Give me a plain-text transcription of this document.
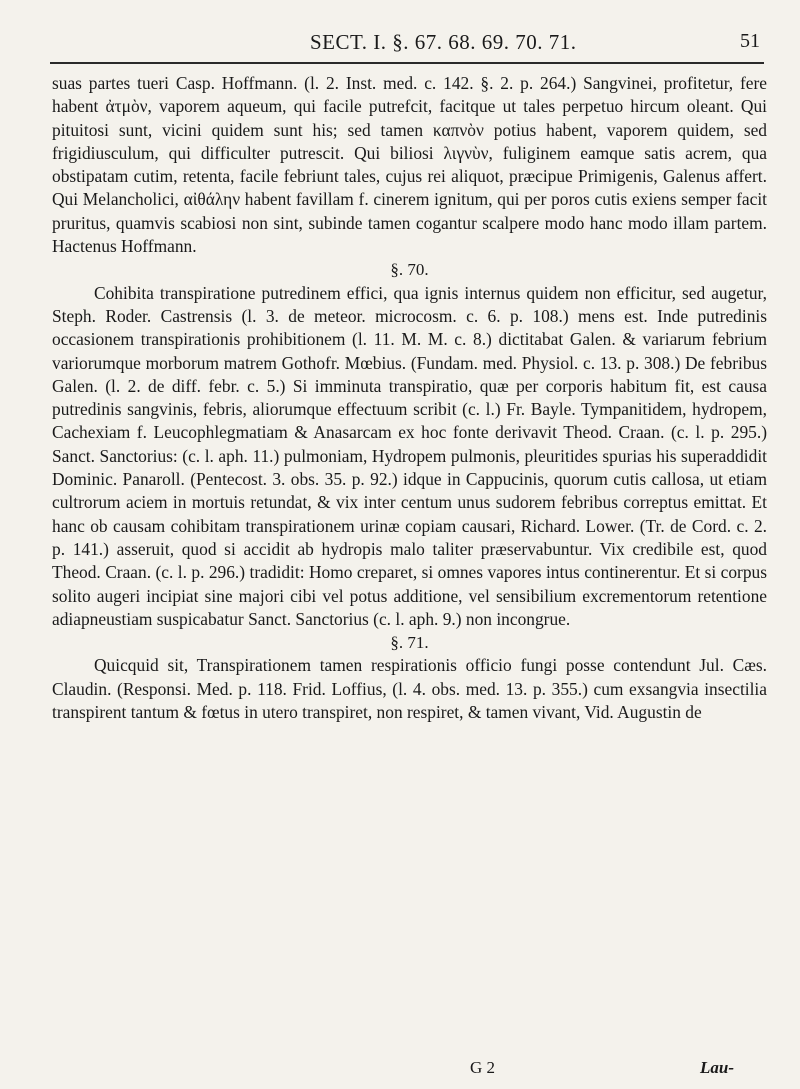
SECT. I. §. 67. 68. 69. 70. 71.	51

suas partes tueri Casp. Hoffmann. (l. 2. Inst. med. c. 142. §. 2. p. 264.) Sangvinei, profitetur, fere habent ἀτμὸν, vaporem aqueum, qui facile putrefcit, facitque ut tales perpetuo hircum oleant. Qui pituitosi sunt, vicini quidem sunt his; sed tamen καπνὸν potius habent, vaporem quidem, sed frigidiusculum, qui difficulter putrescit. Qui biliosi λιγνὺν, fuliginem eamque satis acrem, qua obstipatam cutim, retenta, facile febriunt tales, cujus rei aliquot, præcipue Primigenis, Galenus affert. Qui Melancholici, αἰθάλην habent favillam f. cinerem ignitum, qui per poros cutis exiens semper facit pruritus, quamvis scabiosi non sint, subinde tamen cogantur scalpere modo hanc modo illam partem. Hactenus Hoffmann.

§. 70.

Cohibita transpiratione putredinem effici, qua ignis internus quidem non efficitur, sed augetur, Steph. Roder. Castrensis (l. 3. de meteor. microcosm. c. 6. p. 108.) mens est. Inde putredinis occasionem transpirationis prohibitionem (l. 11. M. M. c. 8.) dictitabat Galen. & variarum febrium variorumque morborum matrem Gothofr. Mœbius. (Fundam. med. Physiol. c. 13. p. 308.) De febribus Galen. (l. 2. de diff. febr. c. 5.) Si imminuta transpiratio, quæ per corporis habitum fit, est causa putredinis sangvinis, febris, aliorumque effectuum scribit (c. l.) Fr. Bayle. Tympanitidem, hydropem, Cachexiam f. Leucophlegmatiam & Anasarcam ex hoc fonte derivavit Theod. Craan. (c. l. p. 295.) Sanct. Sanctorius: (c. l. aph. 11.) pulmoniam, Hydropem pulmonis, pleuritides spurias his superaddidit Dominic. Panaroll. (Pentecost. 3. obs. 35. p. 92.) idque in Cappucinis, quorum cutis callosa, ut etiam cultrorum aciem in mortuis retundat, & vix inter centum unus sudorem febribus correptus emittat. Et hanc ob causam cohibitam transpirationem urinæ copiam causari, Richard. Lower. (Tr. de Cord. c. 2. p. 141.) asseruit, quod si accidit ab hydropis malo taliter præservabuntur. Vix credibile est, quod Theod. Craan. (c. l. p. 296.) tradidit: Homo creparet, si omnes vapores intus continerentur. Et si corpus solito augeri incipiat sine majori cibi vel potus additione, vel sensibilium excrementorum retentione adiapneustiam suspicabatur Sanct. Sanctorius (c. l. aph. 9.) non incongrue.

§. 71.

Quicquid sit, Transpirationem tamen respirationis officio fungi posse contendunt Jul. Cæs. Claudin. (Responsi. Med. p. 118. Frid. Loffius, (l. 4. obs. med. 13. p. 355.) cum exsangvia insectilia transpirent tantum & fœtus in utero transpiret, non respiret, & tamen vivant, Vid. Augustin de

G 2	Lau-
